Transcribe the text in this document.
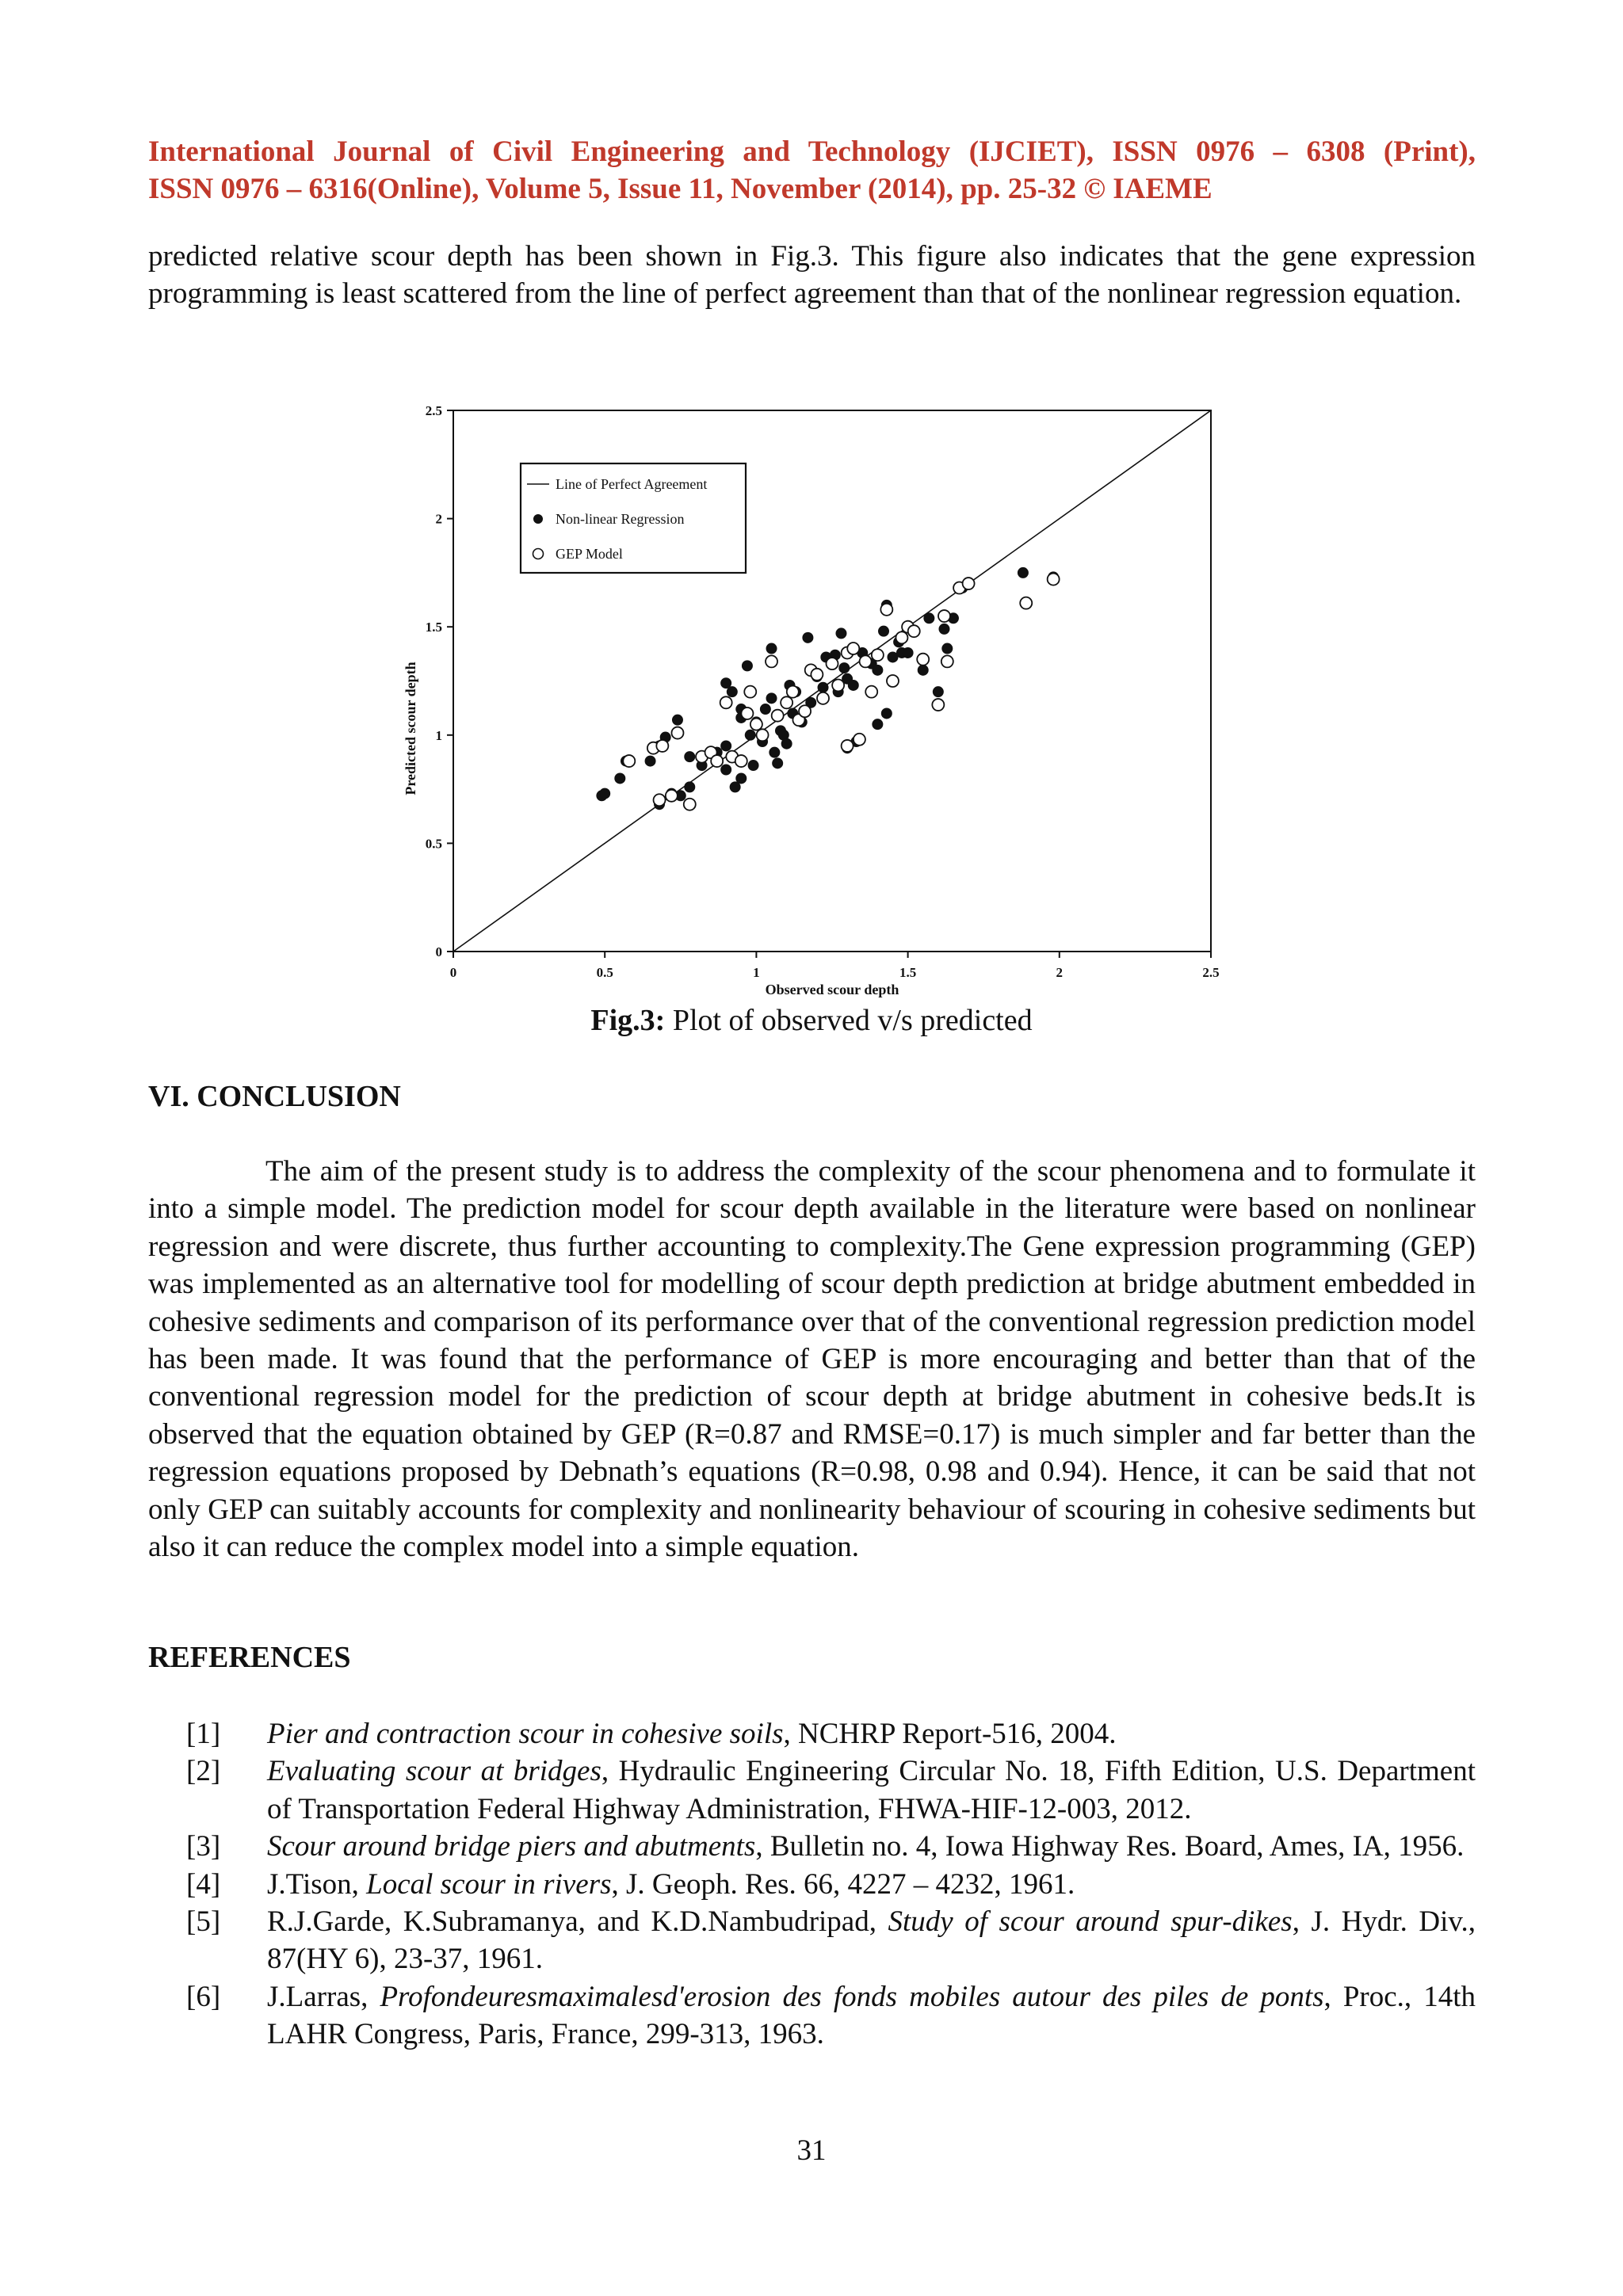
International Journal of Civil Engineering and Technology (IJCIET), ISSN 0976 – 6308 (Print),
ISSN 0976 – 6316(Online), Volume 5, Issue 11, November (2014), pp. 25-32 © IAEME
predicted relative scour depth has been shown in Fig.3. This figure also indicates that the gene expression programming is least scattered from the line of perfect agreement than that of the nonlinear regression equation.
0	0.5	1	1.5	2	2.5
0
0.5
1
1.5
2
2.5
Observed scour depth
Predicted scour depth
Line of Perfect Agreement
Non-linear Regression
GEP Model
Fig.3: Plot of observed v/s predicted
VI. CONCLUSION
The aim of the present study is to address the complexity of the scour phenomena and to formulate it into a simple model. The prediction model for scour depth available in the literature were based on nonlinear regression and were discrete, thus further accounting to complexity.The Gene expression programming (GEP) was implemented as an alternative tool for modelling of scour depth prediction at bridge abutment embedded in cohesive sediments and comparison of its performance over that of the conventional regression prediction model has been made. It was found that the performance of GEP is more encouraging and better than that of the conventional regression model for the prediction of scour depth at bridge abutment in cohesive beds.It is observed that the equation obtained by GEP (R=0.87 and RMSE=0.17) is much simpler and far better than the regression equations proposed by Debnath’s equations (R=0.98, 0.98 and 0.94). Hence, it can be said that not only GEP can suitably accounts for complexity and nonlinearity behaviour of scouring in cohesive sediments but also it can reduce the complex model into a simple equation.
REFERENCES
[1]	Pier and contraction scour in cohesive soils, NCHRP Report-516, 2004.
[2]	Evaluating scour at bridges, Hydraulic Engineering Circular No. 18, Fifth Edition, U.S. Department of Transportation Federal Highway Administration, FHWA-HIF-12-003, 2012.
[3]	Scour around bridge piers and abutments, Bulletin no. 4, Iowa Highway Res. Board, Ames, IA, 1956.
[4]	J.Tison, Local scour in rivers, J. Geoph. Res. 66, 4227 – 4232, 1961.
[5]	R.J.Garde, K.Subramanya, and K.D.Nambudripad, Study of scour around spur-dikes, J. Hydr. Div., 87(HY 6), 23-37, 1961.
[6]	J.Larras, Profondeuresmaximalesd'erosion des fonds mobiles autour des piles de ponts, Proc., 14th LAHR Congress, Paris, France, 299-313, 1963.
31
